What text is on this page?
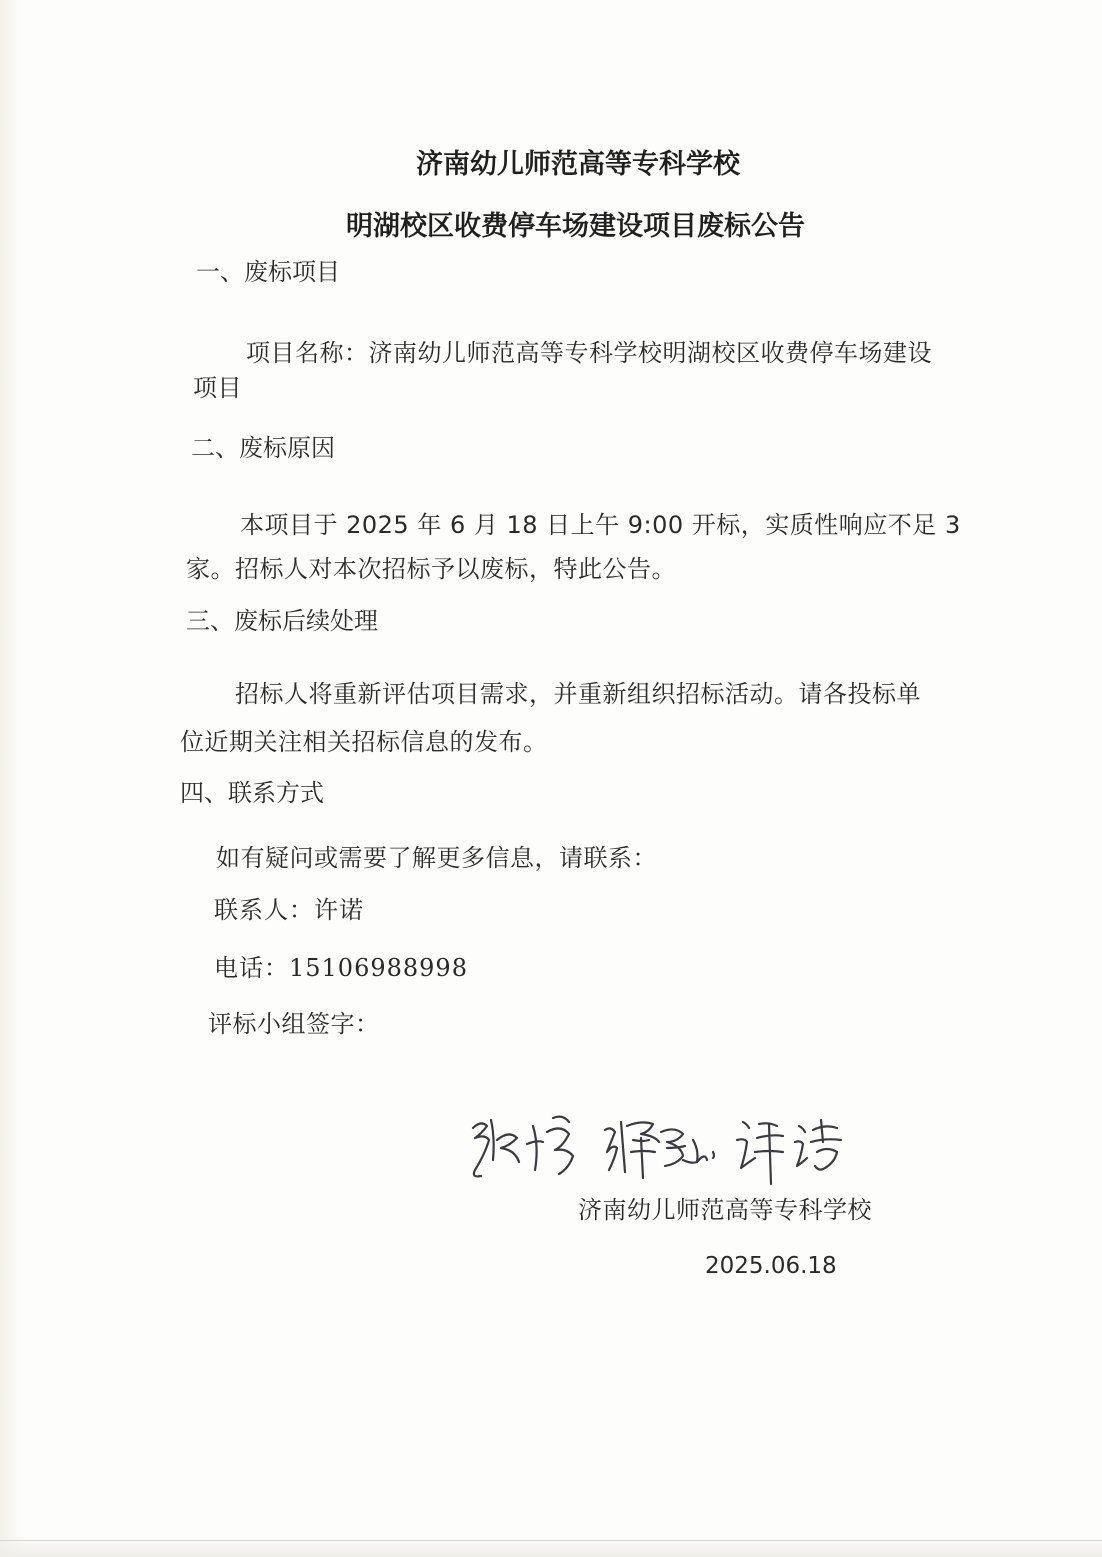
济南幼儿师范高等专科学校
明湖校区收费停车场建设项目废标公告
一、废标项目
项目名称：济南幼儿师范高等专科学校明湖校区收费停车场建设
项目
二、废标原因
本项目于 2025 年 6 月 18 日上午 9:00 开标，实质性响应不足 3
家。招标人对本次招标予以废标，特此公告。
三、废标后续处理
招标人将重新评估项目需求，并重新组织招标活动。请各投标单
位近期关注相关招标信息的发布。
四、联系方式
如有疑问或需要了解更多信息，请联系：
联系人：许诺
电话：15106988998
评标小组签字：
济南幼儿师范高等专科学校
2025.06.18
